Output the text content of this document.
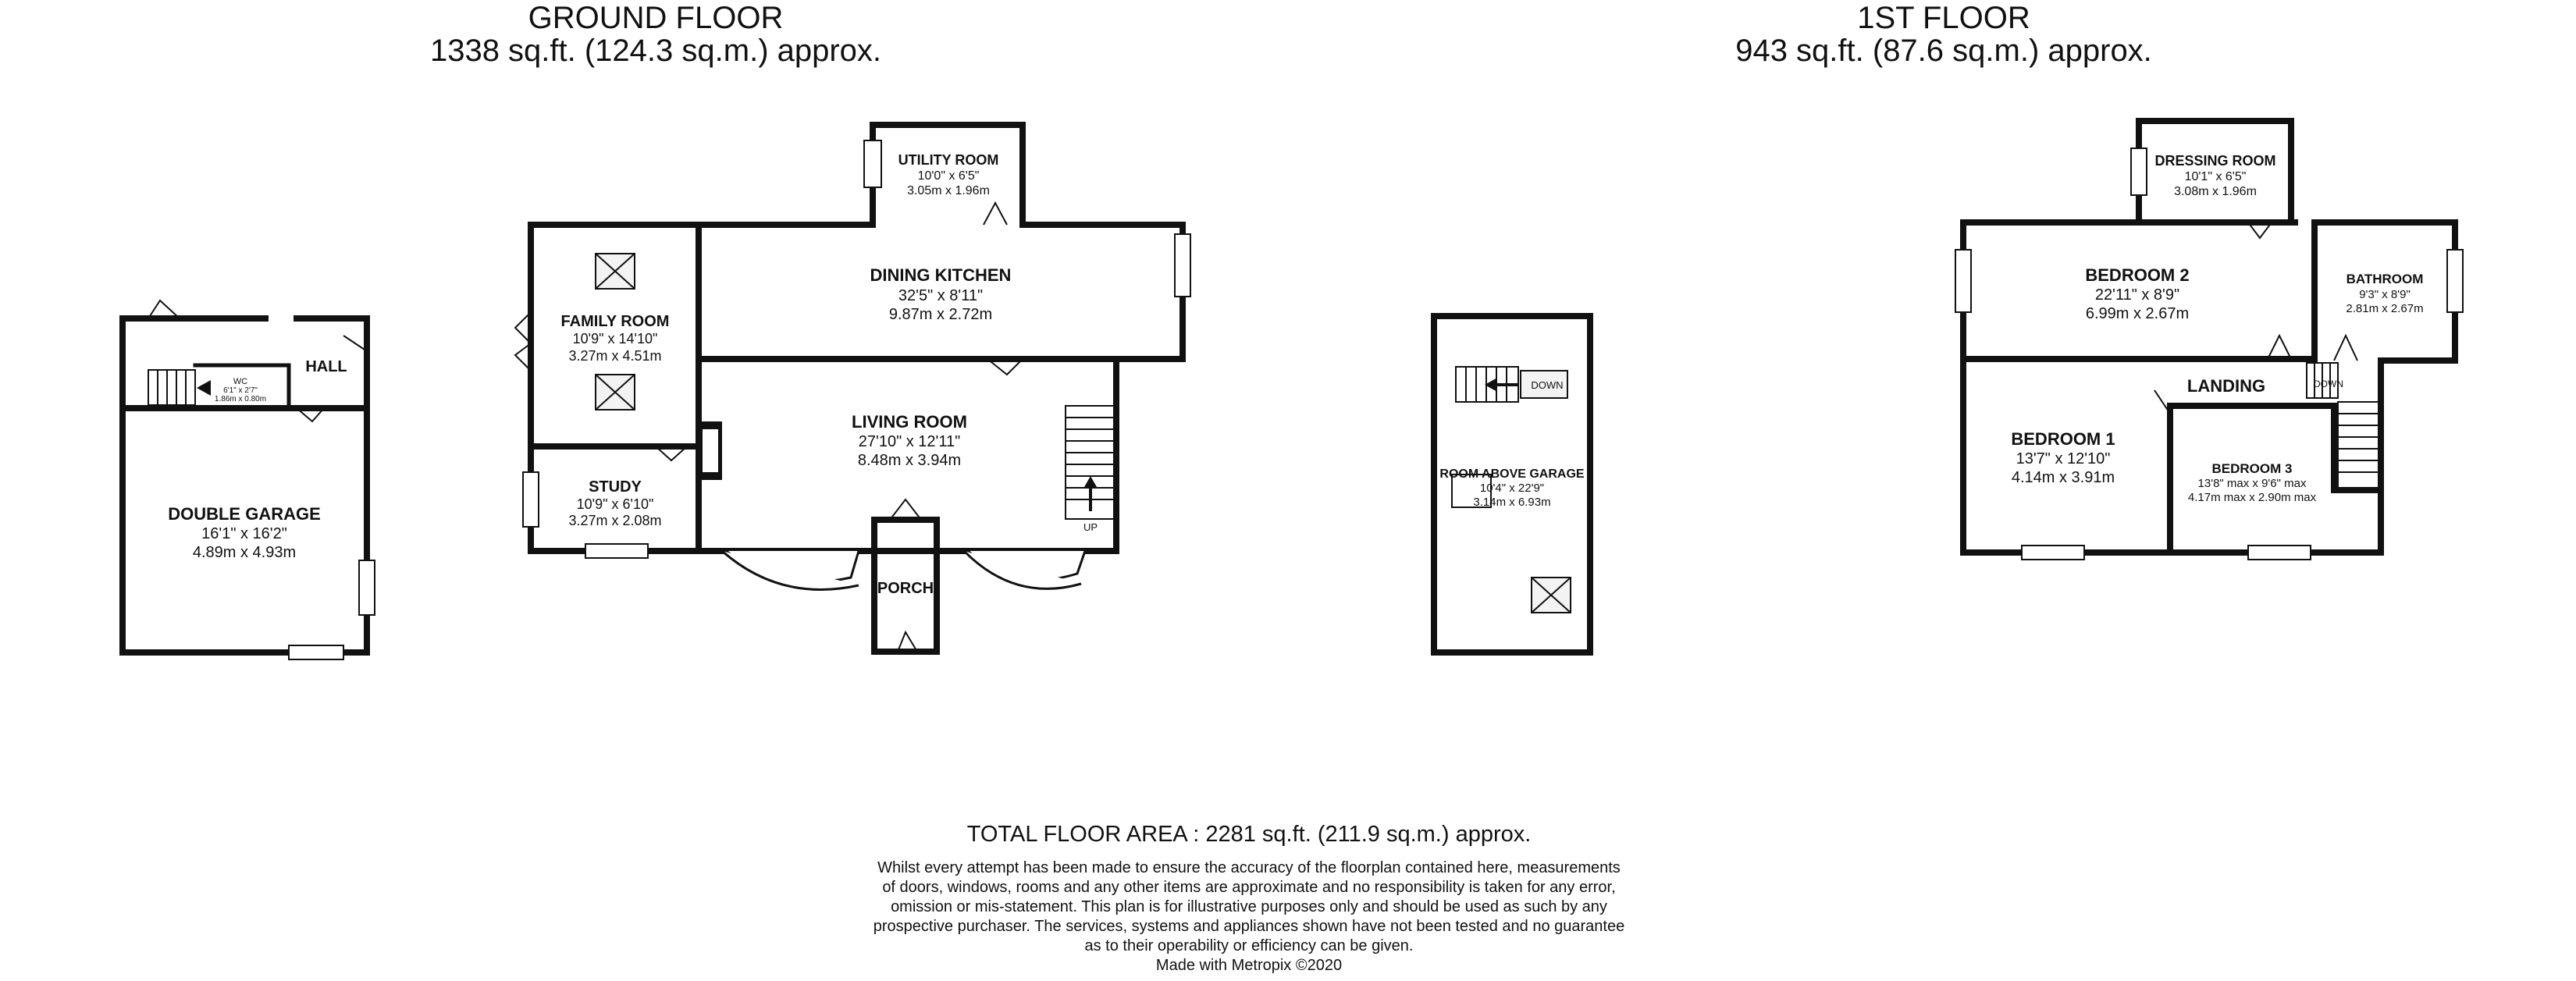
GROUND FLOOR
1338 sq.ft. (124.3 sq.m.) approx.
1ST FLOOR
943 sq.ft. (87.6 sq.m.) approx.
UTILITY ROOM
10'0" x 6'5"
3.05m x 1.96m
DINING KITCHEN
32'5" x 8'11"
9.87m x 2.72m
FAMILY ROOM
10'9" x 14'10"
3.27m x 4.51m
LIVING ROOM
27'10" x 12'11"
8.48m x 3.94m
STUDY
10'9" x 6'10"
3.27m x 2.08m
PORCH
HALL
WC
6'1" x 2'7"
1.86m x 0.80m
DOUBLE GARAGE
16'1" x 16'2"
4.89m x 4.93m
ROOM ABOVE GARAGE
10'4" x 22'9"
3.14m x 6.93m
DRESSING ROOM
10'1" x 6'5"
3.08m x 1.96m
BEDROOM 2
22'11" x 8'9"
6.99m x 2.67m
BATHROOM
9'3" x 8'9"
2.81m x 2.67m
LANDING
BEDROOM 1
13'7" x 12'10"
4.14m x 3.91m
BEDROOM 3
13'8" max x 9'6" max
4.17m max x 2.90m max
UP
DOWN	DOWN
TOTAL FLOOR AREA : 2281 sq.ft. (211.9 sq.m.) approx.
Whilst every attempt has been made to ensure the accuracy of the floorplan contained here, measurements
of doors, windows, rooms and any other items are approximate and no responsibility is taken for any error,
omission or mis-statement. This plan is for illustrative purposes only and should be used as such by any
prospective purchaser. The services, systems and appliances shown have not been tested and no guarantee
as to their operability or efficiency can be given.
Made with Metropix ©2020
